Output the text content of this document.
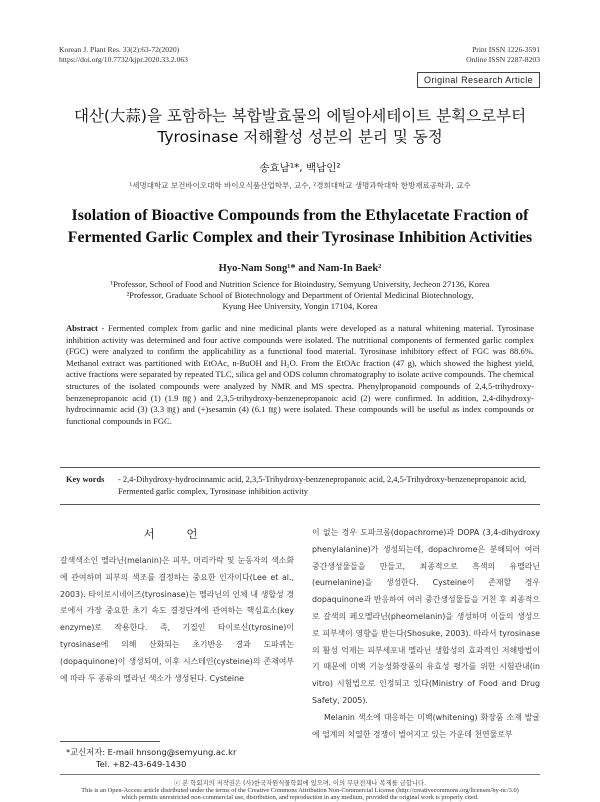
Korean J. Plant Res. 33(2):63-72(2020)
https://doi.org/10.7732/kjpr.2020.33.2.063
Print ISSN 1226-3591
Online ISSN 2287-8203
Original Research Article
대산(大蒜)을 포함하는 복합발효물의 에틸아세테이트 분획으로부터
Tyrosinase 저해활성 성분의 분리 및 동정
송효남¹*, 백남인²
¹세명대학교 보건바이오대학 바이오식품산업학부, 교수, ²경희대학교 생명과학대학 한방재료공학과, 교수
Isolation of Bioactive Compounds from the Ethylacetate Fraction of
Fermented Garlic Complex and their Tyrosinase Inhibition Activities
Hyo-Nam Song¹* and Nam-In Baek²
¹Professor, School of Food and Nutrition Science for Bioindustry, Semyung University, Jecheon 27136, Korea
²Professor, Graduate School of Biotechnology and Department of Oriental Medicinal Biotechnology,
Kyung Hee University, Yongin 17104, Korea
Abstract - Fermented complex from garlic and nine medicinal plants were developed as a natural whitening material. Tyrosinase inhibition activity was determined and four active compounds were isolated. The nutritional components of fermented garlic complex (FGC) were analyzed to confirm the applicability as a functional food material. Tyrosinase inhibitory effect of FGC was 88.6%. Methanol extract was partitioned with EtOAc, n-BuOH and H₂O. From the EtOAc fraction (47 g), which showed the highest yield, active fractions were separated by repeated TLC, silica gel and ODS column chromatography to isolate active compounds. The chemical structures of the isolated compounds were analyzed by NMR and MS spectra. Phenylpropanoid compounds of 2,4,5-trihydroxy-benzenepropanoic acid (1) (1.9 ㎎) and 2,3,5-trihydroxy-benzenepropanoic acid (2) were confirmed. In addition, 2,4-dihydroxy-hydrocinnamic acid (3) (3.3 ㎎) and (+)sesamin (4) (6.1 ㎎) were isolated. These compounds will be useful as index compounds or functional compounds in FGC.
Key words - 2,4-Dihydroxy-hydrocinnamic acid, 2,3,5-Trihydroxy-benzenepropanoic acid, 2,4,5-Trihydroxy-benzenepropanoic acid, Fermented garlic complex, Tyrosinase inhibition activity
서 언
갈색색소인 멜라닌(melanin)은 피부, 머리카락 및 눈동자의 색소화에 관여하며 피부의 색조를 결정하는 중요한 인자이다(Lee et al., 2003). 타이로시네이즈(tyrosinase)는 멜라닌의 인체 내 생합성 경로에서 가장 중요한 초기 속도 결정단계에 관여하는 핵심효소(key enzyme)로 작용한다. 즉, 기질인 타이로신(tyrosine)이 tyrosinase에 의해 산화되는 초기반응 결과 도파퀴논(dopaquinone)이 생성되며, 이후 시스테인(cysteine)의 존재여부에 따라 두 종류의 멜라닌 색소가 생성된다. Cysteine
이 없는 경우 도파크롬(dopachrome)과 DOPA (3,4-dihydroxy phenylalanine)가 생성되는데, dopachrome은 분해되어 여러 중간생성물들을 만들고, 최종적으로 흑색의 유멜라닌(eumelanine)을 생성한다. Cysteine이 존재할 경우 dopaquinone과 반응하여 여러 중간생성물들을 거친 후 최종적으로 갈색의 페오멜라닌(pheomelanin)을 생성하며 이들의 생성으로 피부색이 영향을 받는다(Shosuke, 2003). 따라서 tyrosinase의 활성 억제는 피부세포내 멜라닌 생합성의 효과적인 저해방법이기 때문에 미백 기능성화장품의 유효성 평가를 위한 시험관내(in vitro) 시험법으로 인정되고 있다(Ministry of Food and Drug Safety, 2005).
Melanin 색소에 대응하는 미백(whitening) 화장품 소재 발굴에 업계의 치열한 경쟁이 벌어지고 있는 가운데 천연물로부
*교신저자: E-mail hnsong@semyung.ac.kr
Tel. +82-43-649-1430
ⓒ 본 학회지의 저작권은 (사)한국자원식물학회에 있으며, 이의 무단전재나 복제를 금합니다.
This is an Open-Access article distributed under the terms of the Creative Commons Attribution Non-Commercial License (http://creativecommons.org/licenses/by-nc/3.0)
which permits unrestricted non-commercial use, distribution, and reproduction in any medium, provided the original work is properly cited.
